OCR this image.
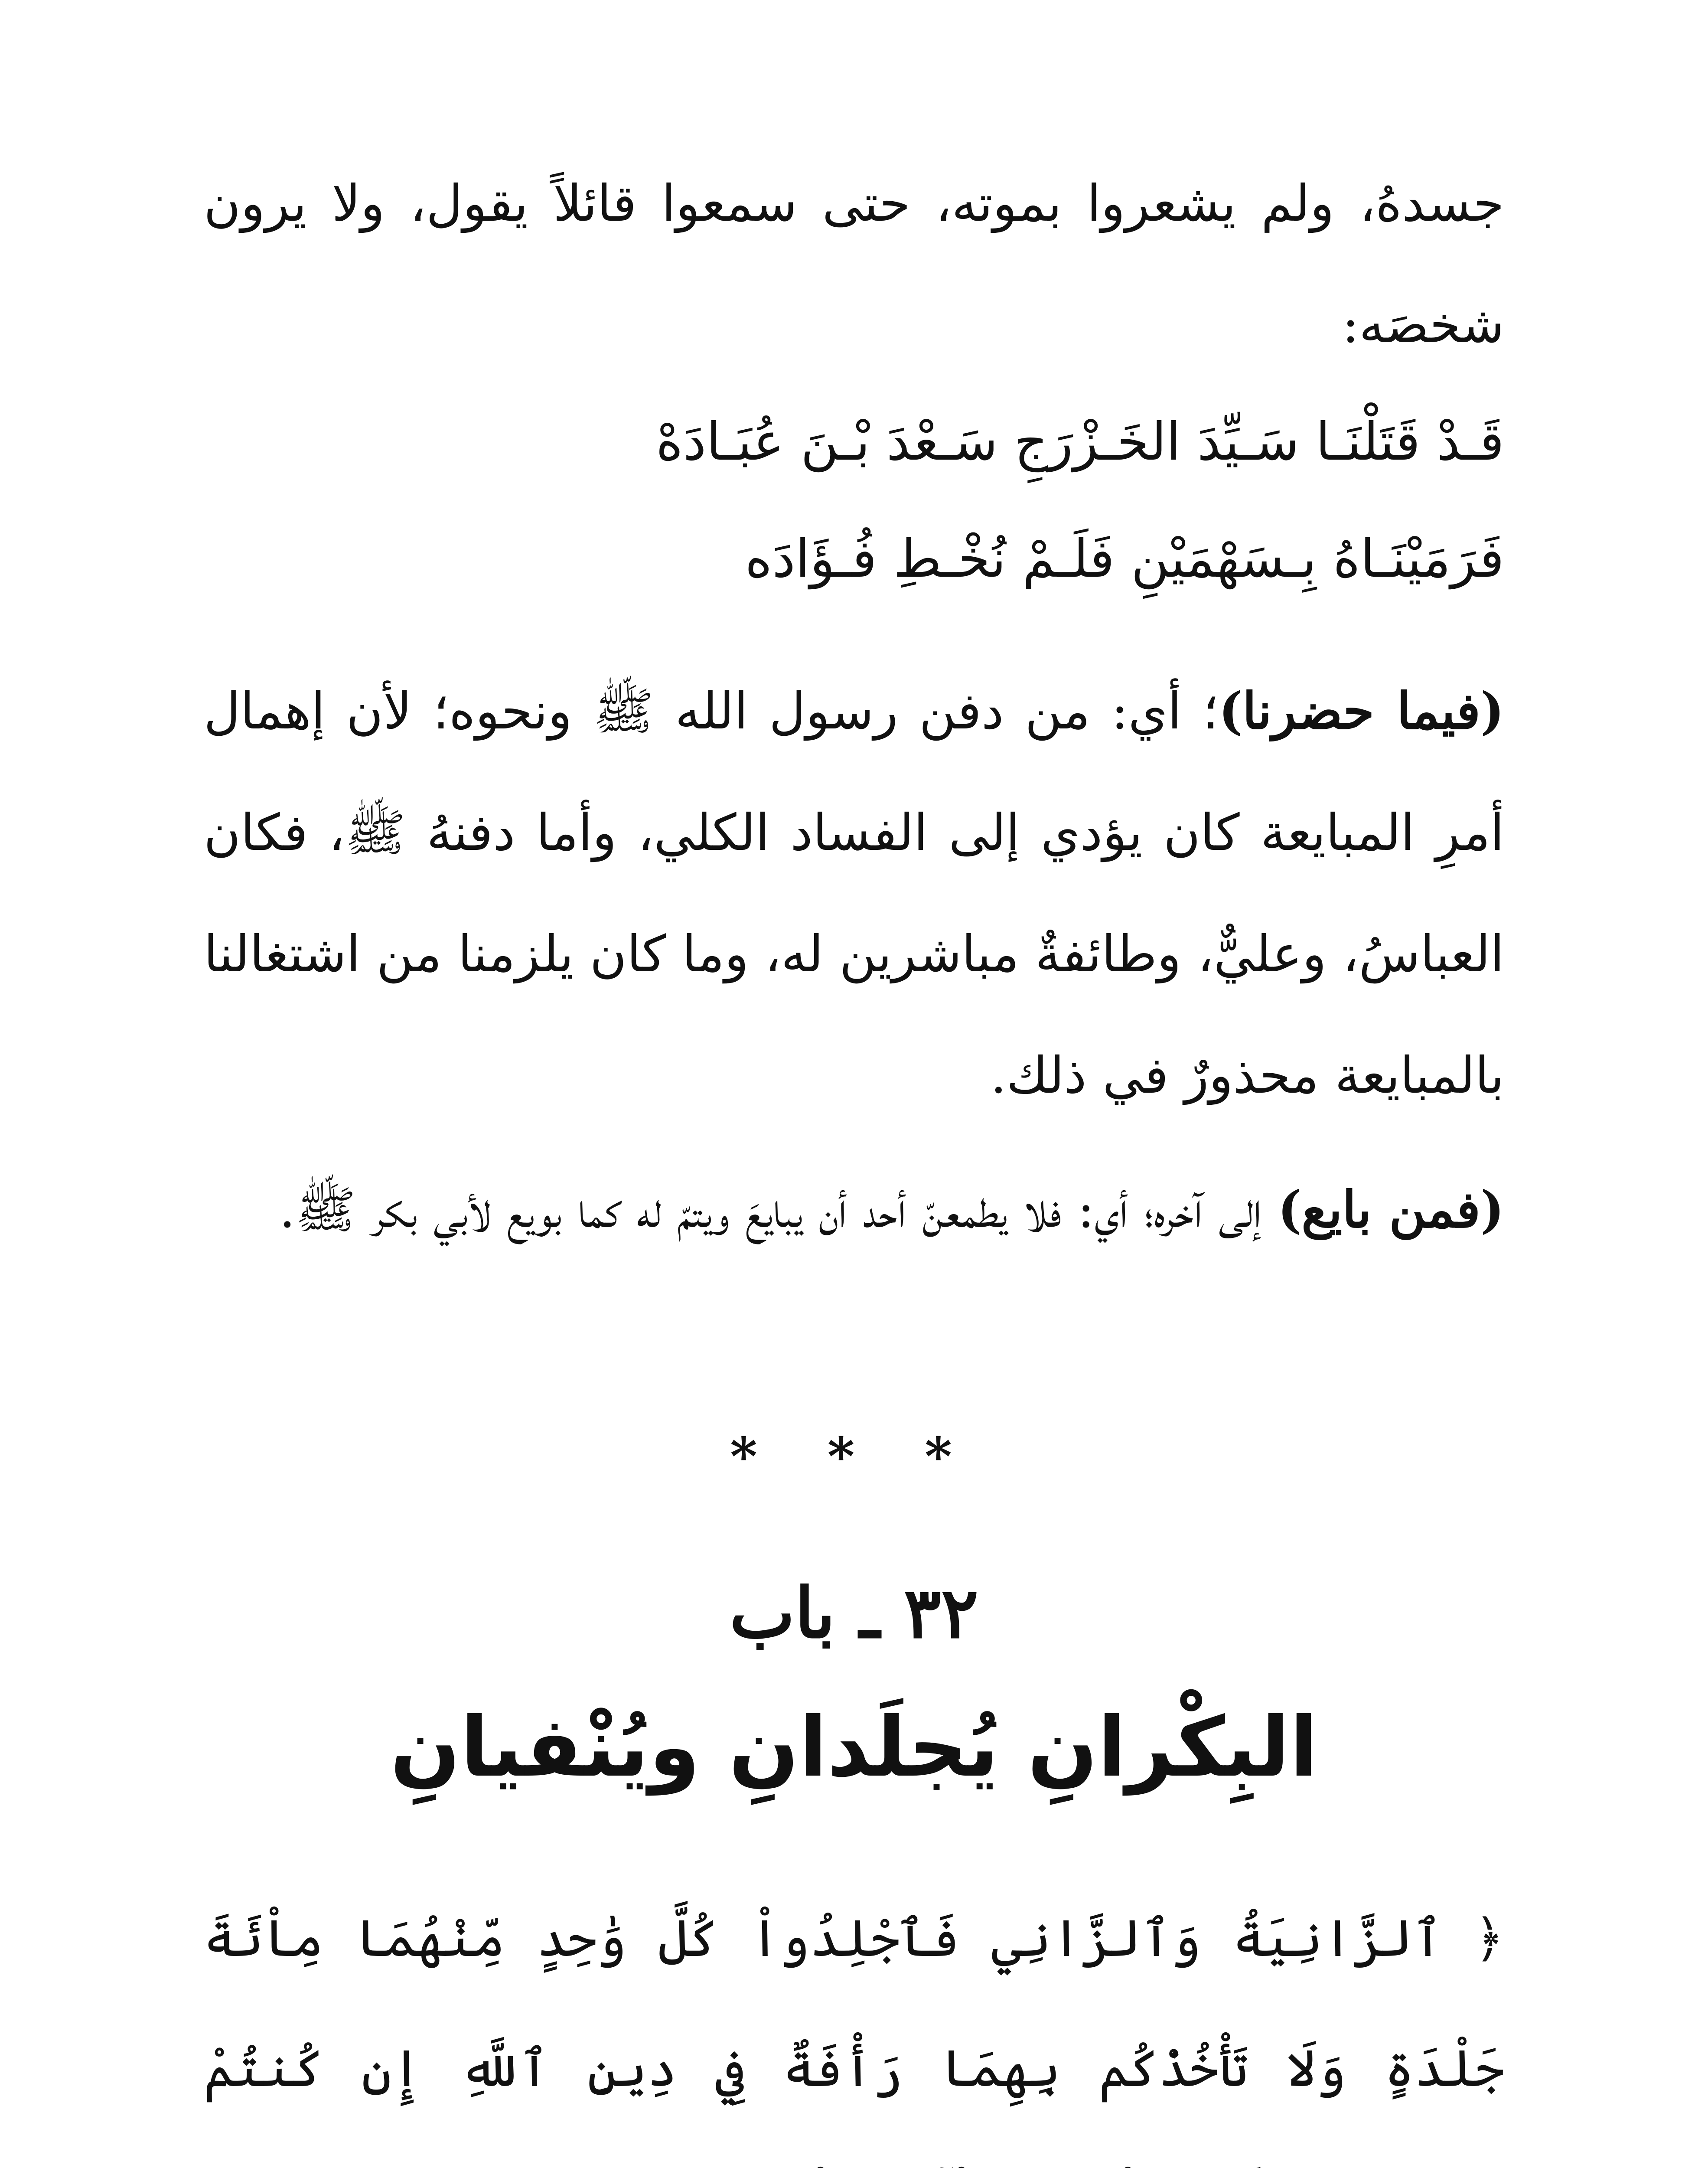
جسدهُ، ولم يشعروا بموته، حتى سمعوا قائلاً يقول، ولا يرون شخصَه:

قَـدْ قَتَلْنَـا سَـيِّدَ الخَـزْرَجِ سَـعْدَ بْـنَ عُبَـادَهْ
فَرَمَيْنَـاهُ بِـسَهْمَيْنِ فَلَـمْ نُخْـطِ فُـؤَادَه

(فيما حضرنا)؛ أي: من دفن رسول الله ﷺ ونحوه؛ لأن إهمال أمرِ المبايعة كان يؤدي إلى الفساد الكلي، وأما دفنهُ ﷺ، فكان العباسُ، وعليٌّ، وطائفةٌ مباشرين له، وما كان يلزمنا من اشتغالنا بالمبايعة محذورٌ في ذلك.

(فمن بايع) إلى آخره؛ أي: فلا يطمعنّ أحد أن يبايعَ ويتمّ له كما بويع لأبي بكر ﷺ.

* * *
٣٢ ـ باب
البِكْرانِ يُجلَدانِ ويُنْفيانِ

﴿ ٱلزَّانِيَةُ وَٱلزَّانِي فَٱجْلِدُواْ كُلَّ وَٰحِدٍ مِّنْهُمَا مِاْئَةَ جَلْدَةٍ وَلَا تَأْخُذْكُم بِهِمَا رَأْفَةٌ فِي دِينِ ٱللَّهِ إِن كُنتُمْ
